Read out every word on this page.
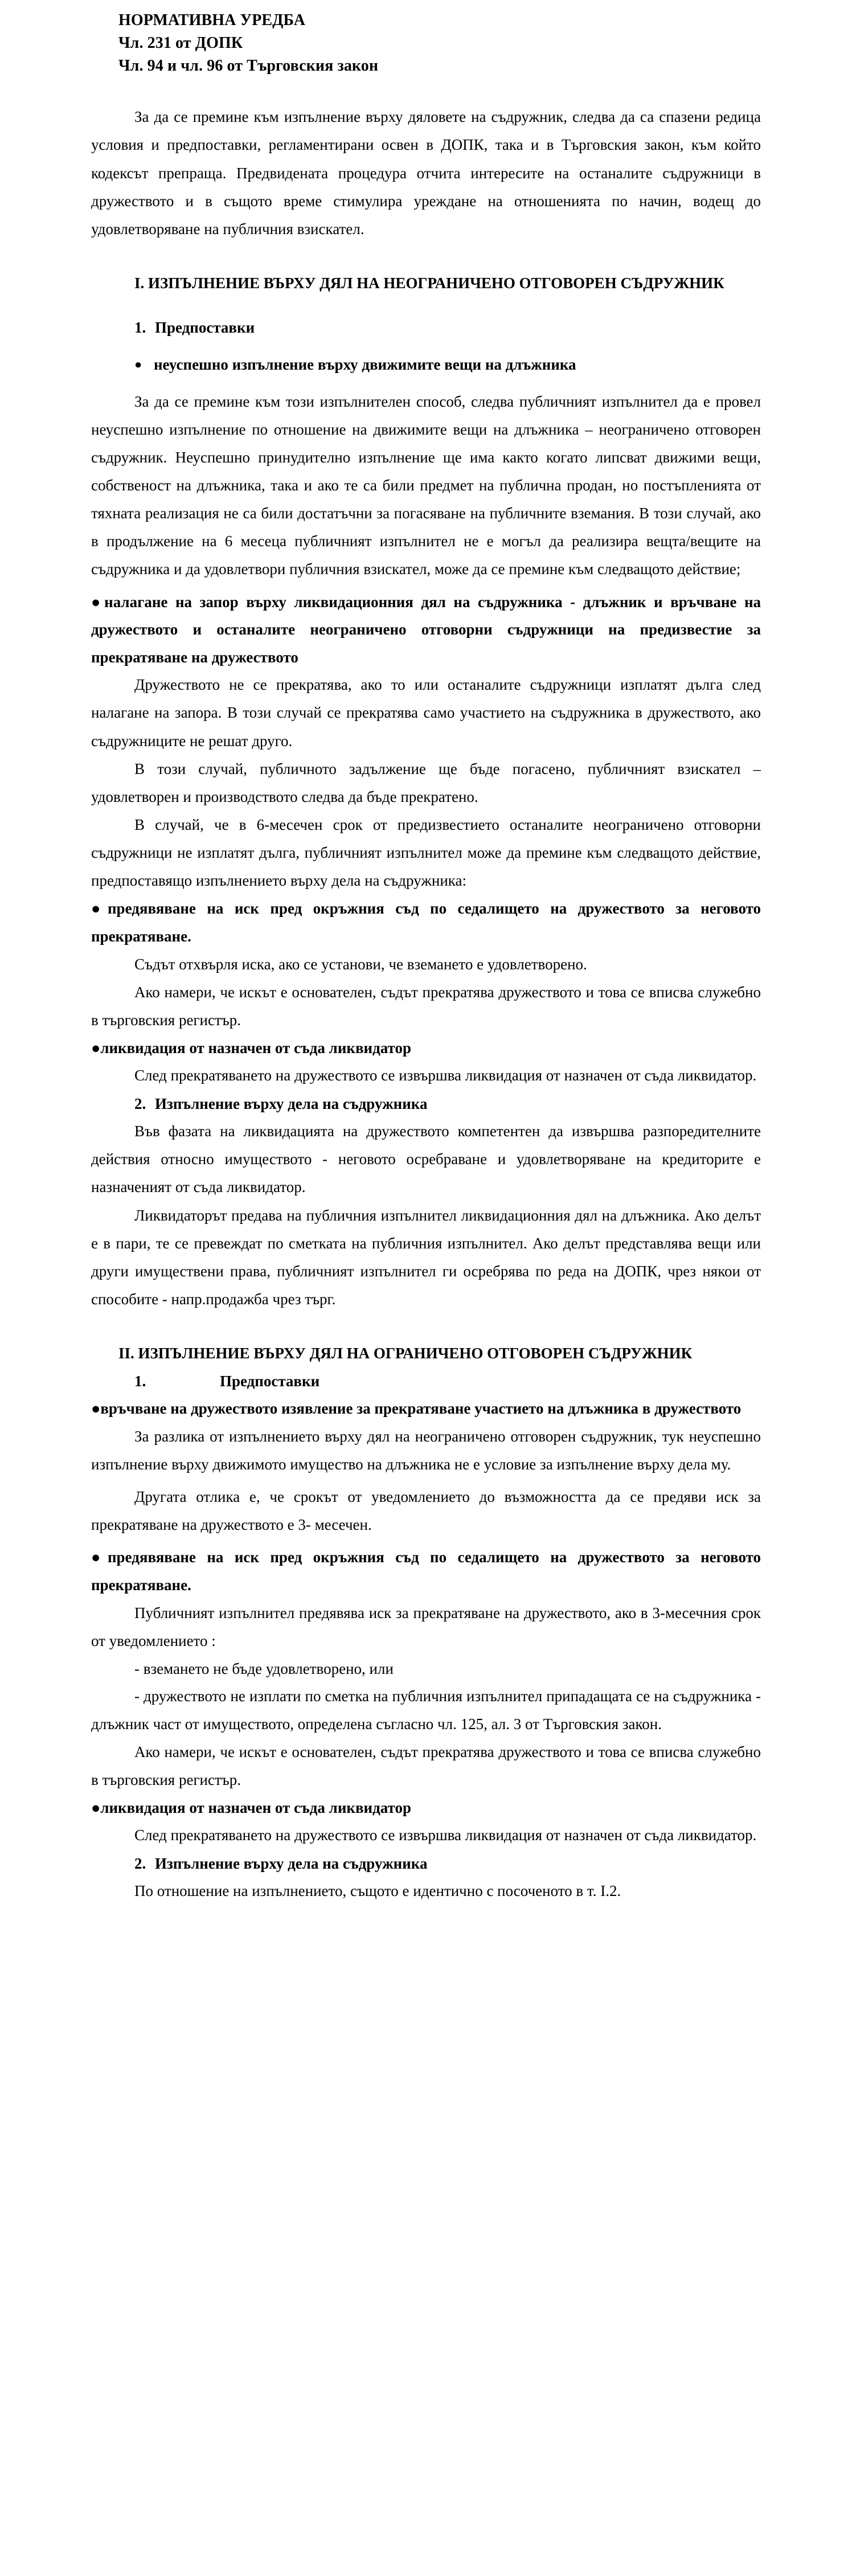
НОРМАТИВНА УРЕДБА
Чл. 231 от ДОПК
Чл. 94 и чл. 96 от Търговския закон

За да се премине към изпълнение върху дяловете на съдружник, следва да са спазени редица условия и предпоставки, регламентирани освен в ДОПК, така и в Търговския закон, към който кодексът препраща. Предвидената процедура отчита интересите на останалите съдружници в дружеството и в същото време стимулира уреждане на отношенията по начин, водещ до удовлетворяване на публичния взискател.

I. ИЗПЪЛНЕНИЕ ВЪРХУ ДЯЛ НА НЕОГРАНИЧЕНО ОТГОВОРЕН СЪДРУЖНИК
1. Предпоставки
● неуспешно изпълнение върху движимите вещи на длъжника

За да се премине към този изпълнителен способ, следва публичният изпълнител да е провел неуспешно изпълнение по отношение на движимите вещи на длъжника – неограничено отговорен съдружник. Неуспешно принудително изпълнение ще има както когато липсват движими вещи, собственост на длъжника, така и ако те са били предмет на публична продан, но постъпленията от тяхната реализация не са били достатъчни за погасяване на публичните вземания. В този случай, ако в продължение на 6 месеца публичният изпълнител не е могъл да реализира вещта/вещите на съдружника и да удовлетвори публичния взискател, може да се премине към следващото действие;

●налагане на запор върху ликвидационния дял на съдружника - длъжник и връчване на дружеството и останалите неограничено отговорни съдружници на предизвестие за прекратяване на дружеството

Дружеството не се прекратява, ако то или останалите съдружници изплатят дълга след налагане на запора. В този случай се прекратява само участието на съдружника в дружеството, ако съдружниците не решат друго.

В този случай, публичното задължение ще бъде погасено, публичният взискател – удовлетворен и производството следва да бъде прекратено.

В случай, че в 6-месечен срок от предизвестието останалите неограничено отговорни съдружници не изплатят дълга, публичният изпълнител може да премине към следващото действие, предпоставящо изпълнението върху дела на съдружника:

●предявяване на иск пред окръжния съд по седалището на дружеството за неговото прекратяване.

Съдът отхвърля иска, ако се установи, че вземането е удовлетворено.

Ако намери, че искът е основателен, съдът прекратява дружеството и това се вписва служебно в търговския регистър.

●ликвидация от назначен от съда ликвидатор

След прекратяването на дружеството се извършва ликвидация от назначен от съда ликвидатор.

2. Изпълнение върху дела на съдружника

Във фазата на ликвидацията на дружеството компетентен да извършва разпоредителните действия относно имуществото - неговото осребраване и удовлетворяване на кредиторите е назначеният от съда ликвидатор.

Ликвидаторът предава на публичния изпълнител ликвидационния дял на длъжника. Ако делът е в пари, те се превеждат по сметката на публичния изпълнител. Ако делът представлява вещи или други имуществени права, публичният изпълнител ги осребрява по реда на ДОПК, чрез някои от способите - напр.продажба чрез търг.

II. ИЗПЪЛНЕНИЕ ВЪРХУ ДЯЛ НА ОГРАНИЧЕНО ОТГОВОРЕН СЪДРУЖНИК
1.	Предпоставки
●връчване на дружеството изявление за прекратяване участието на длъжника в дружеството

За разлика от изпълнението върху дял на неограничено отговорен съдружник, тук неуспешно изпълнение върху движимото имущество на длъжника не е условие за изпълнение върху дела му.

Другата отлика е, че срокът от уведомлението до възможността да се предяви иск за прекратяване на дружеството е 3- месечен.

●предявяване на иск пред окръжния съд по седалището на дружеството за неговото прекратяване.

Публичният изпълнител предявява иск за прекратяване на дружеството, ако в 3-месечния срок от уведомлението :

- взeмането не бъде удовлетворено, или

- дружеството не изплати по сметка на публичния изпълнител припадащата се на съдружника - длъжник част от имуществото, определена съгласно чл. 125, ал. 3 от Търговския закон.

Ако намери, че искът е основателен, съдът прекратява дружеството и това се вписва служебно в търговския регистър.

●ликвидация от назначен от съда ликвидатор

След прекратяването на дружеството се извършва ликвидация от назначен от съда ликвидатор.

2. Изпълнение върху дела на съдружника

По отношение на изпълнението, същото е идентично с посоченото в т. I.2.
